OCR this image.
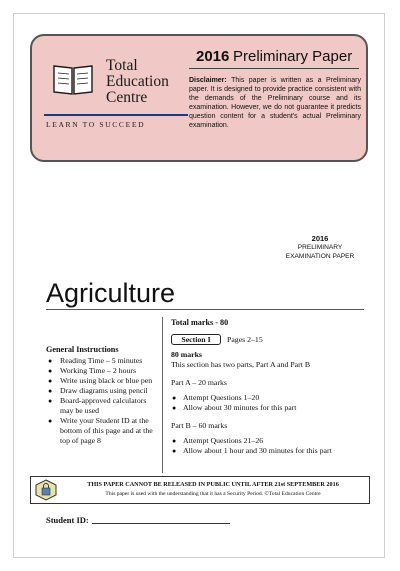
Total Education Centre
LEARN TO SUCCEED
2016 Preliminary Paper
Disclaimer: This paper is written as a Preliminary paper. It is designed to provide practice consistent with the demands of the Preliminary course and its examination. However, we do not guarantee it predicts question content for a student's actual Preliminary examination.
2016
PRELIMINARY
EXAMINATION PAPER
Agriculture
General Instructions
● Reading Time – 5 minutes
● Working Time – 2 hours
● Write using black or blue pen
● Draw diagrams using pencil
● Board-approved calculators may be used
● Write your Student ID at the bottom of this page and at the top of page 8
Total marks - 80
Section I	Pages 2–15
80 marks
This section has two parts, Part A and Part B
Part A – 20 marks
● Attempt Questions 1–20
● Allow about 30 minutes for this part
Part B – 60 marks
● Attempt Questions 21–26
● Allow about 1 hour and 30 minutes for this part
THIS PAPER CANNOT BE RELEASED IN PUBLIC UNTIL AFTER 21st SEPTEMBER 2016
This paper is used with the understanding that it has a Security Period. ©Total Education Centre
Student ID:
